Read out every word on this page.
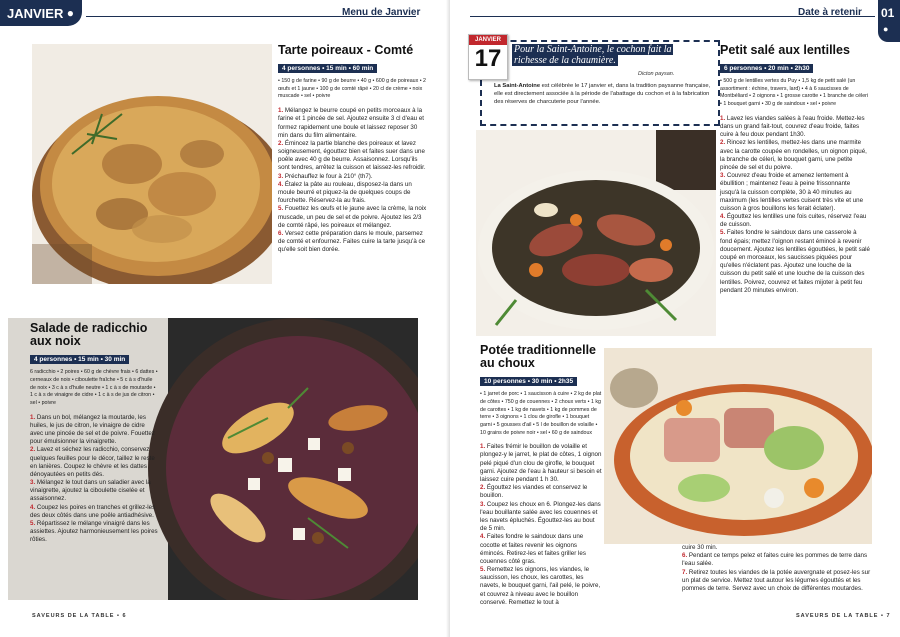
JANVIER ●	Menu de Janvier
Tarte poireaux - Comté
4 personnes • 15 min • 60 min
• 150 g de farine • 90 g de beurre • 40 g • 600 g de poireaux • 2 œufs et 1 jaune • 100 g de comté râpé • 20 cl de crème • noix muscade • sel • poivre

1. Mélangez le beurre coupé en petits morceaux à la farine et 1 pincée de sel. Ajoutez ensuite 3 cl d'eau et formez rapidement une boule et laissez reposer 30 min dans du film alimentaire.

2. Émincez la partie blanche des poireaux et lavez soigneusement, égouttez bien et faites suer dans une poêle avec 40 g de beurre. Assaisonnez. Lorsqu'ils sont tendres, arrêtez la cuisson et laissez-les refroidir.

3. Préchauffez le four à 210° (th7).

4. Étalez la pâte au rouleau, disposez-la dans un moule beurré et piquez-la de quelques coups de fourchette. Réservez-la au frais.

5. Fouettez les œufs et le jaune avec la crème, la noix muscade, un peu de sel et de poivre. Ajoutez les 2/3 de comté râpé, les poireaux et mélangez.

6. Versez cette préparation dans le moule, parsemez de comté et enfournez. Faites cuire la tarte jusqu'à ce qu'elle soit bien dorée.

Salade de radicchio aux noix
4 personnes • 15 min • 30 min
6 radicchio • 2 poires • 60 g de chèvre frais • 6 dattes • cerneaux de noix • ciboulette fraîche • 5 c à s d'huile de noix • 3 c à s d'huile neutre • 1 c à s de moutarde • 1 c à s de vinaigre de cidre • 1 c à s de jus de citron • sel • poivre

1. Dans un bol, mélangez la moutarde, les huiles, le jus de citron, le vinaigre de cidre avec une pincée de sel et de poivre. Fouettez pour émulsionner la vinaigrette.

2. Lavez et séchez les radicchio, conservez quelques feuilles pour le décor, taillez le reste en lanières. Coupez le chèvre et les dattes dénoyautées en petits dés.

3. Mélangez le tout dans un saladier avec la vinaigrette, ajoutez la ciboulette ciselée et assaisonnez.

4. Coupez les poires en tranches et grillez-les des deux côtés dans une poêle antiadhésive.

5. Répartissez le mélange vinaigré dans les assiettes. Ajoutez harmonieusement les poires rôties.

SAVEURS DE LA TABLE • 6
Date à retenir 01
●
JANVIER
17	Pour la Saint-Antoine, le cochon fait la
richesse de la chaumière.
Dicton paysan.
La Saint-Antoine est célébrée le 17 janvier et, dans la tradition paysanne française, elle est directement associée à la période de l'abattage du cochon et à la fabrication des réserves de charcuterie pour l'année.
Petit salé aux lentilles
6 personnes • 20 min • 2h30
• 500 g de lentilles vertes du Puy • 1,5 kg de petit salé (un assortiment : échine, travers, lard) • 4 à 6 saucisses de Montbéliard • 2 oignons • 1 grosse carotte • 1 branche de céleri • 1 bouquet garni • 30 g de saindoux • sel • poivre

1. Lavez les viandes salées à l'eau froide. Mettez-les dans un grand fait-tout, couvrez d'eau froide, faites cuire à feu doux pendant 1h30.

2. Rincez les lentilles, mettez-les dans une marmite avec la carotte coupée en rondelles, un oignon piqué, la branche de céleri, le bouquet garni, une petite pincée de sel et du poivre.

3. Couvrez d'eau froide et amenez lentement à ébullition ; maintenez l'eau à peine frissonnante jusqu'à la cuisson complète, 30 à 40 minutes au maximum (les lentilles vertes cuisent très vite et une cuisson à gros bouillons les ferait éclater).

4. Égouttez les lentilles une fois cuites, réservez l'eau de cuisson.

5. Faites fondre le saindoux dans une casserole à fond épais; mettez l'oignon restant émincé à revenir doucement. Ajoutez les lentilles égouttées, le petit salé coupé en morceaux, les saucisses piquées pour qu'elles n'éclatent pas. Ajoutez une louche de la cuisson du petit salé et une louche de la cuisson des lentilles. Poivrez, couvrez et faites mijoter à petit feu pendant 20 minutes environ.

Potée traditionnelle au choux
10 personnes • 30 min • 2h35
• 1 jarret de porc • 1 saucisson à cuire • 2 kg de plat de côtes • 750 g de couennes • 2 choux verts • 1 kg de carottes • 1 kg de navets • 1 kg de pommes de terre • 3 oignons • 1 clou de girofle • 1 bouquet garni • 5 gousses d'ail • 5 l de bouillon de volaille • 10 grains de poivre noir • sel • 60 g de saindoux

1. Faites frémir le bouillon de volaille et plongez-y le jarret, le plat de côtes, 1 oignon pelé piqué d'un clou de girofle, le bouquet garni. Ajoutez de l'eau à hauteur si besoin et laissez cuire pendant 1 h 30.

2. Égouttez les viandes et conservez le bouillon.

3. Coupez les choux en 6. Plongez-les dans l'eau bouillante salée avec les couennes et les navets épluchés. Égouttez-les au bout de 5 min.

4. Faites fondre le saindoux dans une cocotte et faites revenir les oignons émincés. Retirez-les et faites griller les couennes côté gras.

5. Remettez les oignons, les viandes, le saucisson, les choux, les carottes, les navets, le bouquet garni, l'ail pelé, le poivre, et couvrez à niveau avec le bouillon conservé. Remettez le tout à

cuire 30 min.

6. Pendant ce temps pelez et faites cuire les pommes de terre dans l'eau salée.

7. Retirez toutes les viandes de la potée auvergnate et posez-les sur un plat de service. Mettez tout autour les légumes égouttés et les pommes de terre. Servez avec un choix de différentes moutardes.

SAVEURS DE LA TABLE • 7
